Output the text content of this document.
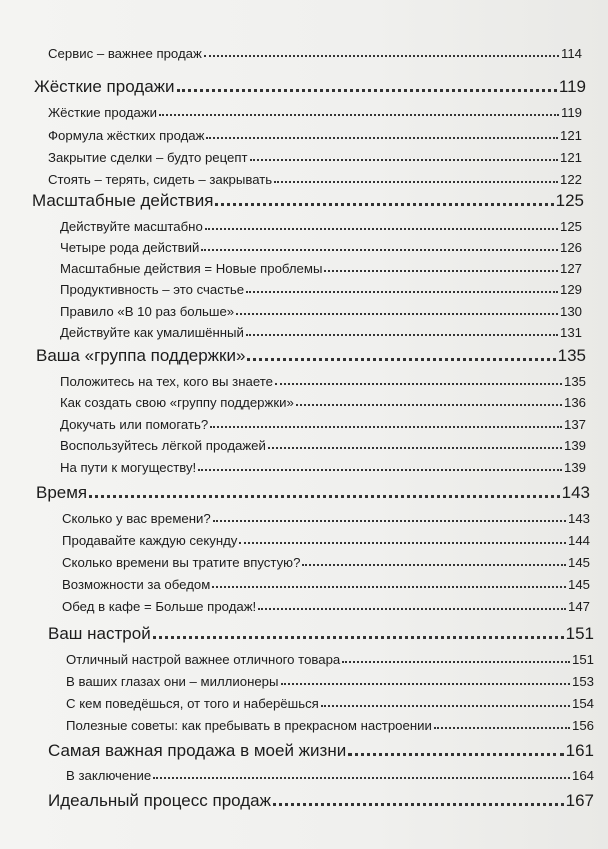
Сервис – важнее продаж	114
Жёсткие продажи	119
Жёсткие продажи	119
Формула жёстких продаж	121
Закрытие сделки – будто рецепт	121
Стоять – терять, сидеть – закрывать	122
Масштабные действия	125
Действуйте масштабно	125
Четыре рода действий	126
Масштабные действия = Новые проблемы	127
Продуктивность – это счастье	129
Правило «В 10 раз больше»	130
Действуйте как умалишённый	131
Ваша «группа поддержки»	135
Положитесь на тех, кого вы знаете	135
Как создать свою «группу поддержки»	136
Докучать или помогать?	137
Воспользуйтесь лёгкой продажей	139
На пути к могуществу!	139
Время	143
Сколько у вас времени?	143
Продавайте каждую секунду	144
Сколько времени вы тратите впустую?	145
Возможности за обедом	145
Обед в кафе = Больше продаж!	147
Ваш настрой	151
Отличный настрой важнее отличного товара	151
В ваших глазах они – миллионеры	153
С кем поведёшься, от того и наберёшься	154
Полезные советы: как пребывать в прекрасном настроении	156
Самая важная продажа в моей жизни	161
В заключение	164
Идеальный процесс продаж	167
